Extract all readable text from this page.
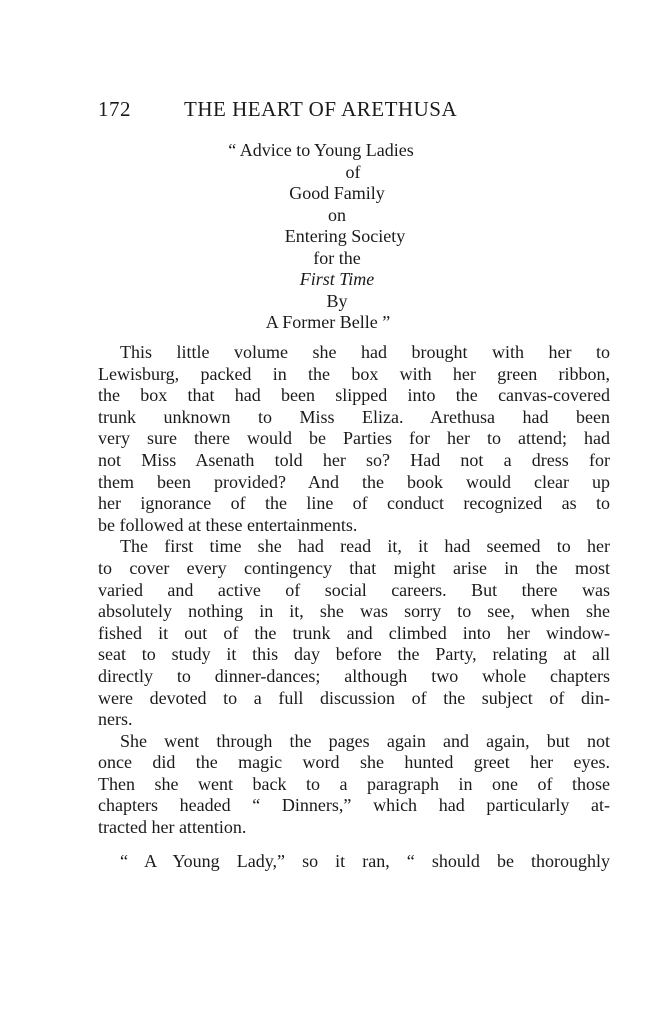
172	THE HEART OF ARETHUSA
“ Advice to Young Ladies
of
Good Family
on
Entering Society
for the
First Time
By
A Former Belle ”
This little volume she had brought with her to
Lewisburg, packed in the box with her green ribbon,
the box that had been slipped into the canvas-covered
trunk unknown to Miss Eliza. Arethusa had been
very sure there would be Parties for her to attend; had
not Miss Asenath told her so? Had not a dress for
them been provided? And the book would clear up
her ignorance of the line of conduct recognized as to
be followed at these entertainments.
The first time she had read it, it had seemed to her
to cover every contingency that might arise in the most
varied and active of social careers. But there was
absolutely nothing in it, she was sorry to see, when she
fished it out of the trunk and climbed into her window-
seat to study it this day before the Party, relating at all
directly to dinner-dances; although two whole chapters
were devoted to a full discussion of the subject of din-
ners.
She went through the pages again and again, but not
once did the magic word she hunted greet her eyes.
Then she went back to a paragraph in one of those
chapters headed “ Dinners,” which had particularly at-
tracted her attention.
“ A Young Lady,” so it ran, “ should be thoroughly
